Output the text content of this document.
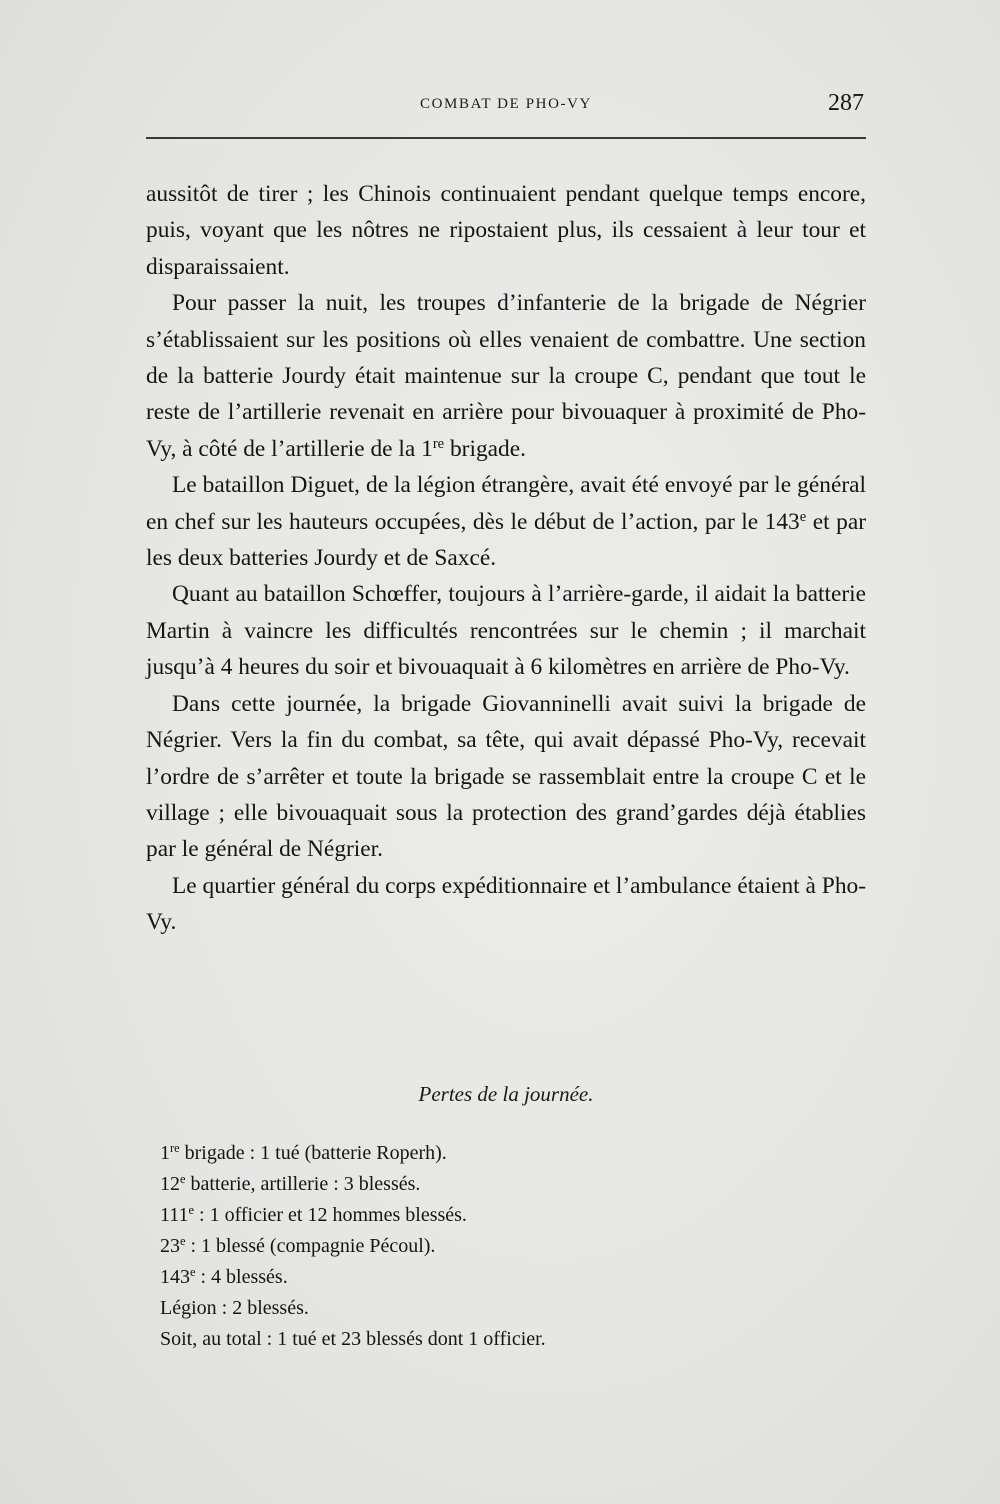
COMBAT DE PHO-VY	287

aussitôt de tirer ; les Chinois continuaient pendant quelque temps encore, puis, voyant que les nôtres ne ripostaient plus, ils cessaient à leur tour et disparaissaient.

Pour passer la nuit, les troupes d’infanterie de la brigade de Négrier s’établissaient sur les positions où elles venaient de combattre. Une section de la batterie Jourdy était maintenue sur la croupe C, pendant que tout le reste de l’artillerie revenait en arrière pour bivouaquer à proximité de Pho-Vy, à côté de l’artillerie de la 1re brigade.

Le bataillon Diguet, de la légion étrangère, avait été envoyé par le général en chef sur les hauteurs occupées, dès le début de l’action, par le 143e et par les deux batteries Jourdy et de Saxcé.

Quant au bataillon Schœffer, toujours à l’arrière-garde, il aidait la batterie Martin à vaincre les difficultés rencontrées sur le chemin ; il marchait jusqu’à 4 heures du soir et bivouaquait à 6 kilomètres en arrière de Pho-Vy.

Dans cette journée, la brigade Giovanninelli avait suivi la brigade de Négrier. Vers la fin du combat, sa tête, qui avait dépassé Pho-Vy, recevait l’ordre de s’arrêter et toute la brigade se rassemblait entre la croupe C et le village ; elle bivouaquait sous la protection des grand’gardes déjà établies par le général de Négrier.

Le quartier général du corps expéditionnaire et l’ambulance étaient à Pho-Vy.

Pertes de la journée.
1re brigade : 1 tué (batterie Roperh).
12e batterie, artillerie : 3 blessés.
111e : 1 officier et 12 hommes blessés.
23e : 1 blessé (compagnie Pécoul).
143e : 4 blessés.
Légion : 2 blessés.
Soit, au total : 1 tué et 23 blessés dont 1 officier.
